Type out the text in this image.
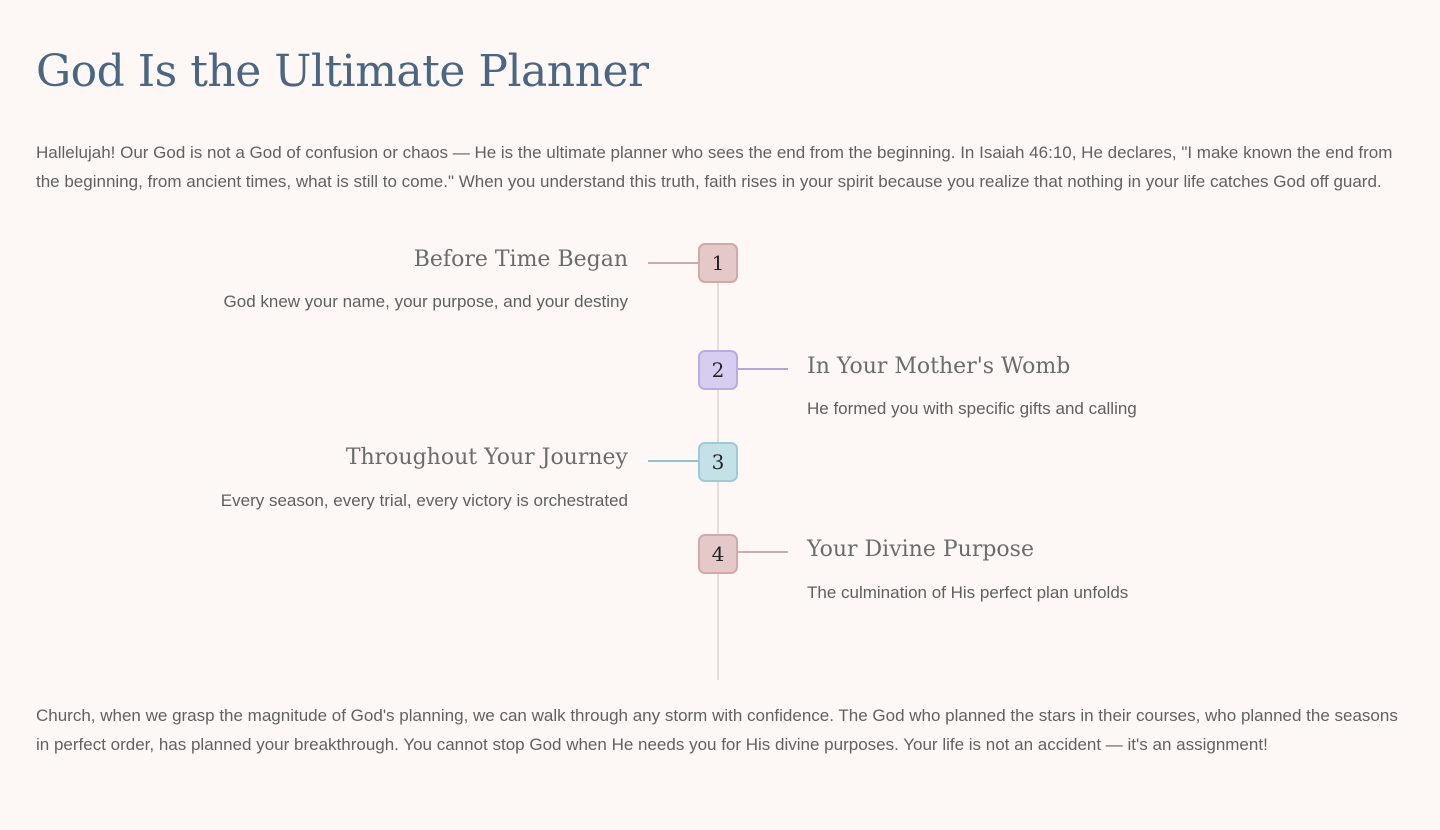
God Is the Ultimate Planner

Hallelujah! Our God is not a God of confusion or chaos — He is the ultimate planner who sees the end from the beginning. In Isaiah 46:10, He declares, "I make known the end from the beginning, from ancient times, what is still to come." When you understand this truth, faith rises in your spirit because you realize that nothing in your life catches God off guard.

1
Before Time Began

God knew your name, your purpose, and your destiny

2	In Your Mother's Womb

He formed you with specific gifts and calling

3
Throughout Your Journey

Every season, every trial, every victory is orchestrated

4	Your Divine Purpose

The culmination of His perfect plan unfolds

Church, when we grasp the magnitude of God's planning, we can walk through any storm with confidence. The God who planned the stars in their courses, who planned the seasons in perfect order, has planned your breakthrough. You cannot stop God when He needs you for His divine purposes. Your life is not an accident — it's an assignment!
